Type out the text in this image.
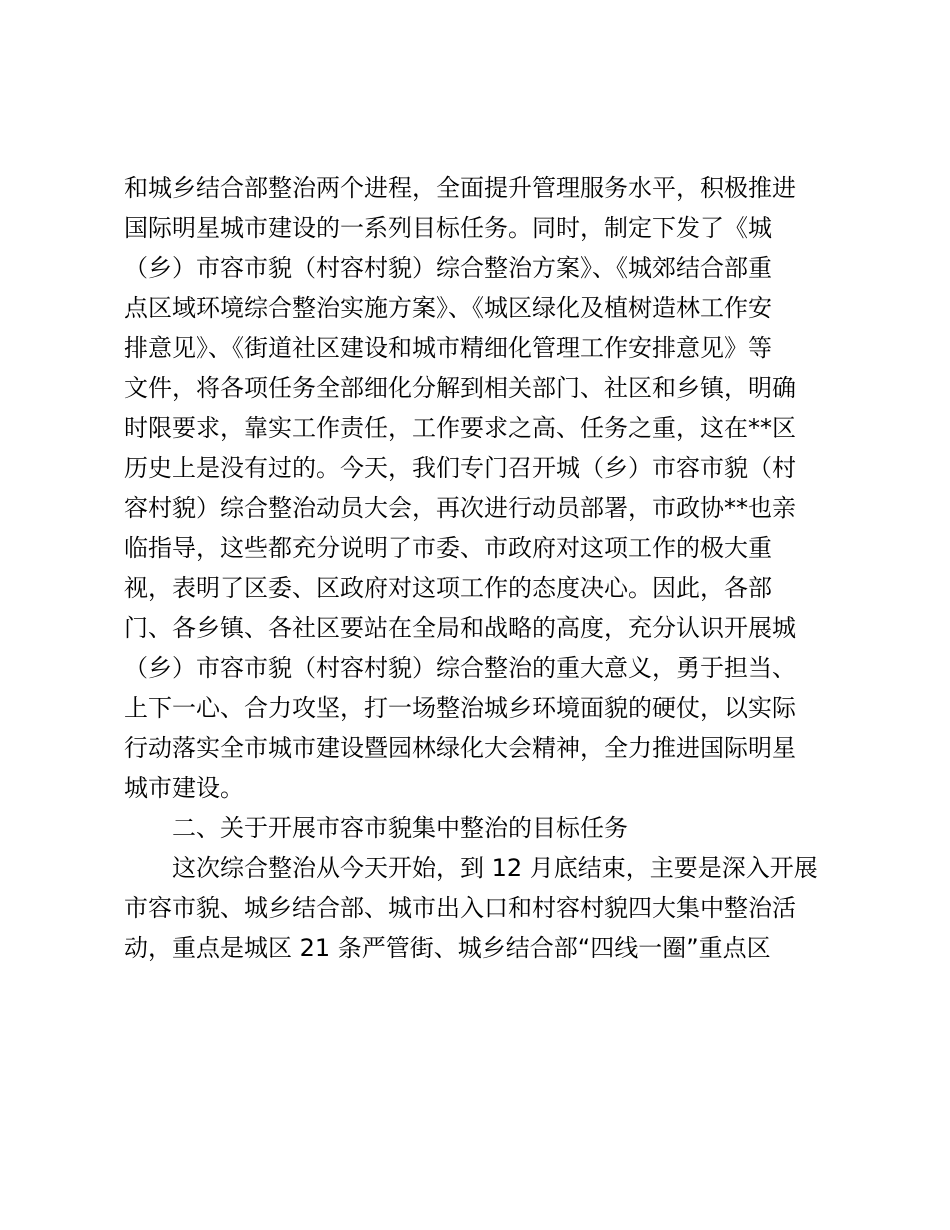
和城乡结合部整治两个进程，全面提升管理服务水平，积极推进
国际明星城市建设的一系列目标任务。同时，制定下发了《城
（乡）市容市貌（村容村貌）综合整治方案》、《城郊结合部重
点区域环境综合整治实施方案》、《城区绿化及植树造林工作安
排意见》、《街道社区建设和城市精细化管理工作安排意见》等
文件，将各项任务全部细化分解到相关部门、社区和乡镇，明确
时限要求，靠实工作责任，工作要求之高、任务之重，这在**区
历史上是没有过的。今天，我们专门召开城（乡）市容市貌（村
容村貌）综合整治动员大会，再次进行动员部署，市政协**也亲
临指导，这些都充分说明了市委、市政府对这项工作的极大重
视，表明了区委、区政府对这项工作的态度决心。因此，各部
门、各乡镇、各社区要站在全局和战略的高度，充分认识开展城
（乡）市容市貌（村容村貌）综合整治的重大意义，勇于担当、
上下一心、合力攻坚，打一场整治城乡环境面貌的硬仗，以实际
行动落实全市城市建设暨园林绿化大会精神，全力推进国际明星
城市建设。
二、关于开展市容市貌集中整治的目标任务
这次综合整治从今天开始，到 12 月底结束，主要是深入开展
市容市貌、城乡结合部、城市出入口和村容村貌四大集中整治活
动，重点是城区 21 条严管街、城乡结合部“四线一圈”重点区
